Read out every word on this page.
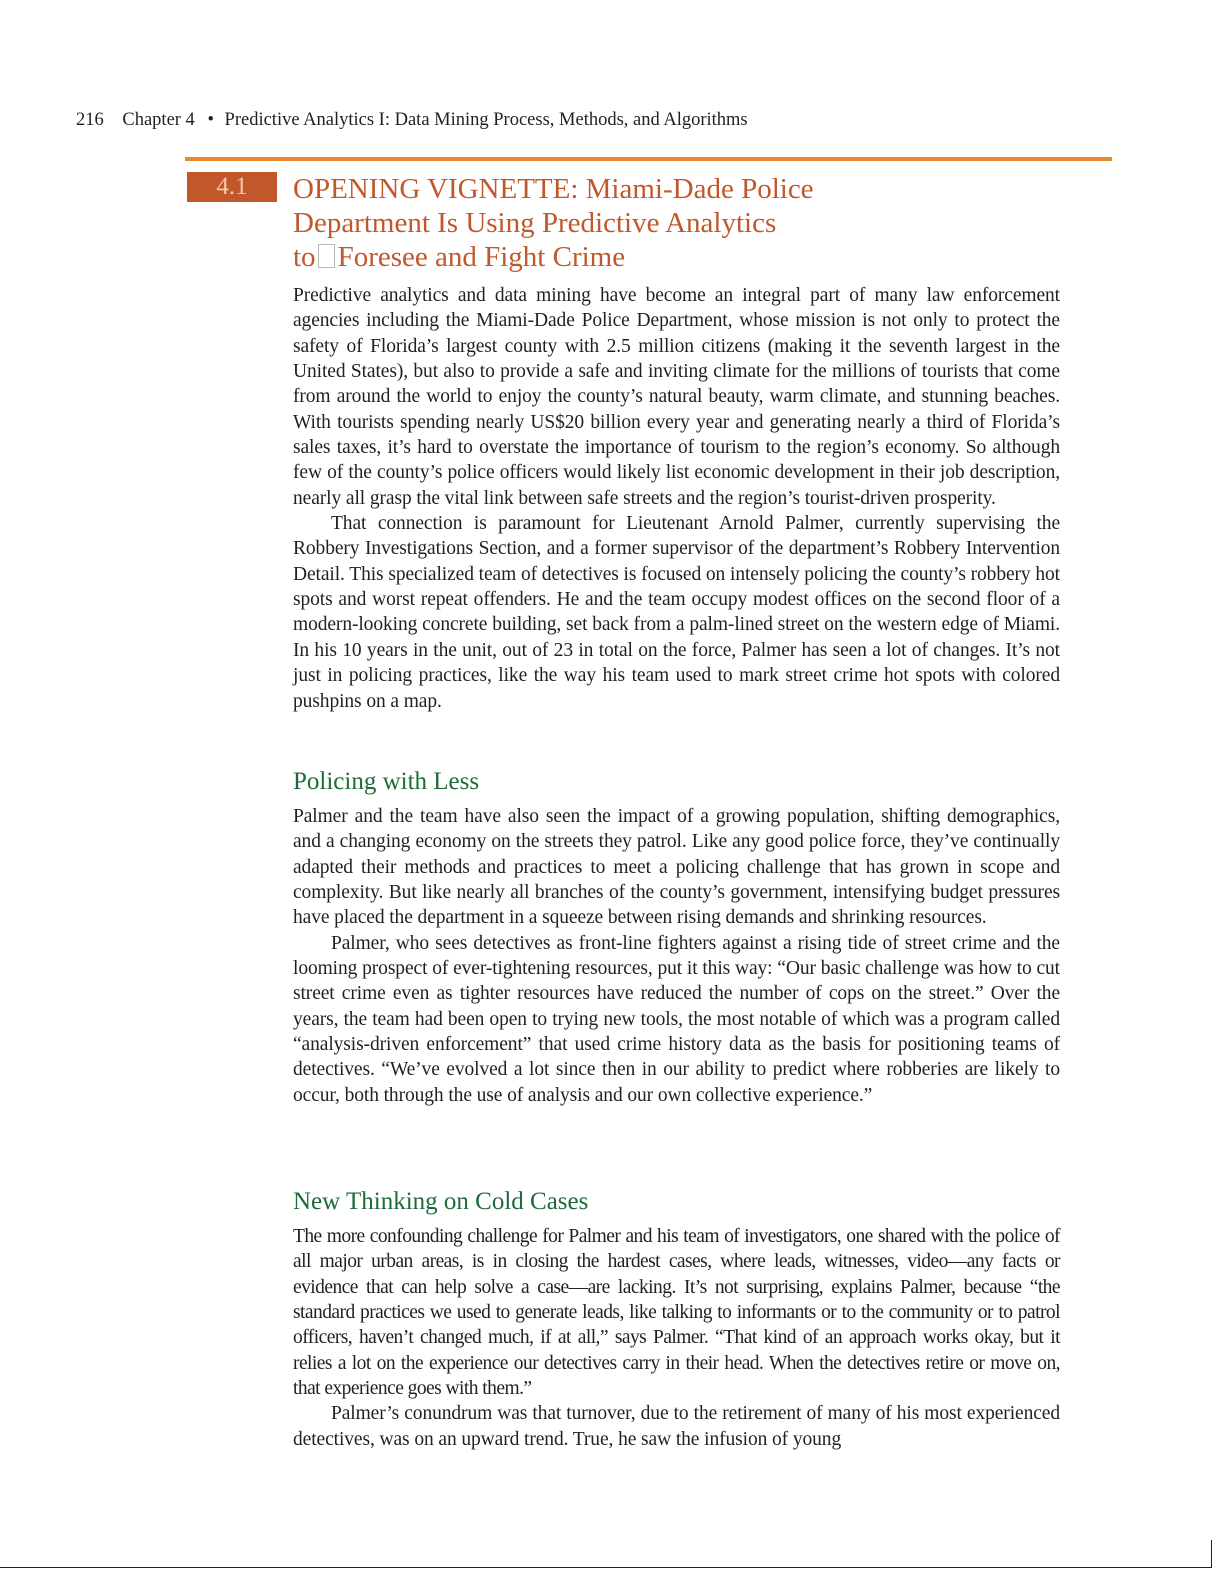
216 Chapter 4 • Predictive Analytics I: Data Mining Process, Methods, and Algorithms
4.1	OPENING VIGNETTE: Miami-Dade Police
Department Is Using Predictive Analytics
to Foresee and Fight Crime

Predictive analytics and data mining have become an integral part of many law enforcement agencies including the Miami-Dade Police Department, whose mission is not only to protect the safety of Florida’s largest county with 2.5 million citizens (making it the seventh largest in the United States), but also to provide a safe and inviting climate for the millions of tourists that come from around the world to enjoy the county’s natural beauty, warm climate, and stunning beaches. With tourists spending nearly US$20 billion every year and generating nearly a third of Florida’s sales taxes, it’s hard to overstate the importance of tourism to the region’s economy. So although few of the county’s police officers would likely list economic development in their job description, nearly all grasp the vital link between safe streets and the region’s tourist-driven prosperity.

That connection is paramount for Lieutenant Arnold Palmer, currently supervising the Robbery Investigations Section, and a former supervisor of the department’s Robbery Intervention Detail. This specialized team of detectives is focused on intensely policing the county’s robbery hot spots and worst repeat offenders. He and the team occupy modest offices on the second floor of a modern-looking concrete building, set back from a palm-lined street on the western edge of Miami. In his 10 years in the unit, out of 23 in total on the force, Palmer has seen a lot of changes. It’s not just in policing practices, like the way his team used to mark street crime hot spots with colored pushpins on a map.

Policing with Less

Palmer and the team have also seen the impact of a growing population, shifting demographics, and a changing economy on the streets they patrol. Like any good police force, they’ve continually adapted their methods and practices to meet a policing challenge that has grown in scope and complexity. But like nearly all branches of the county’s government, intensifying budget pressures have placed the department in a squeeze between rising demands and shrinking resources.

Palmer, who sees detectives as front-line fighters against a rising tide of street crime and the looming prospect of ever-tightening resources, put it this way: “Our basic challenge was how to cut street crime even as tighter resources have reduced the number of cops on the street.” Over the years, the team had been open to trying new tools, the most notable of which was a program called “analysis-driven enforcement” that used crime history data as the basis for positioning teams of detectives. “We’ve evolved a lot since then in our ability to predict where robberies are likely to occur, both through the use of analysis and our own collective experience.”

New Thinking on Cold Cases

The more confounding challenge for Palmer and his team of investigators, one shared with the police of all major urban areas, is in closing the hardest cases, where leads, witnesses, video—any facts or evidence that can help solve a case—are lacking. It’s not surprising, explains Palmer, because “the standard practices we used to generate leads, like talking to informants or to the community or to patrol officers, haven’t changed much, if at all,” says Palmer. “That kind of an approach works okay, but it relies a lot on the experience our detectives carry in their head. When the detectives retire or move on, that experience goes with them.”

Palmer’s conundrum was that turnover, due to the retirement of many of his most experienced detectives, was on an upward trend. True, he saw the infusion of young
